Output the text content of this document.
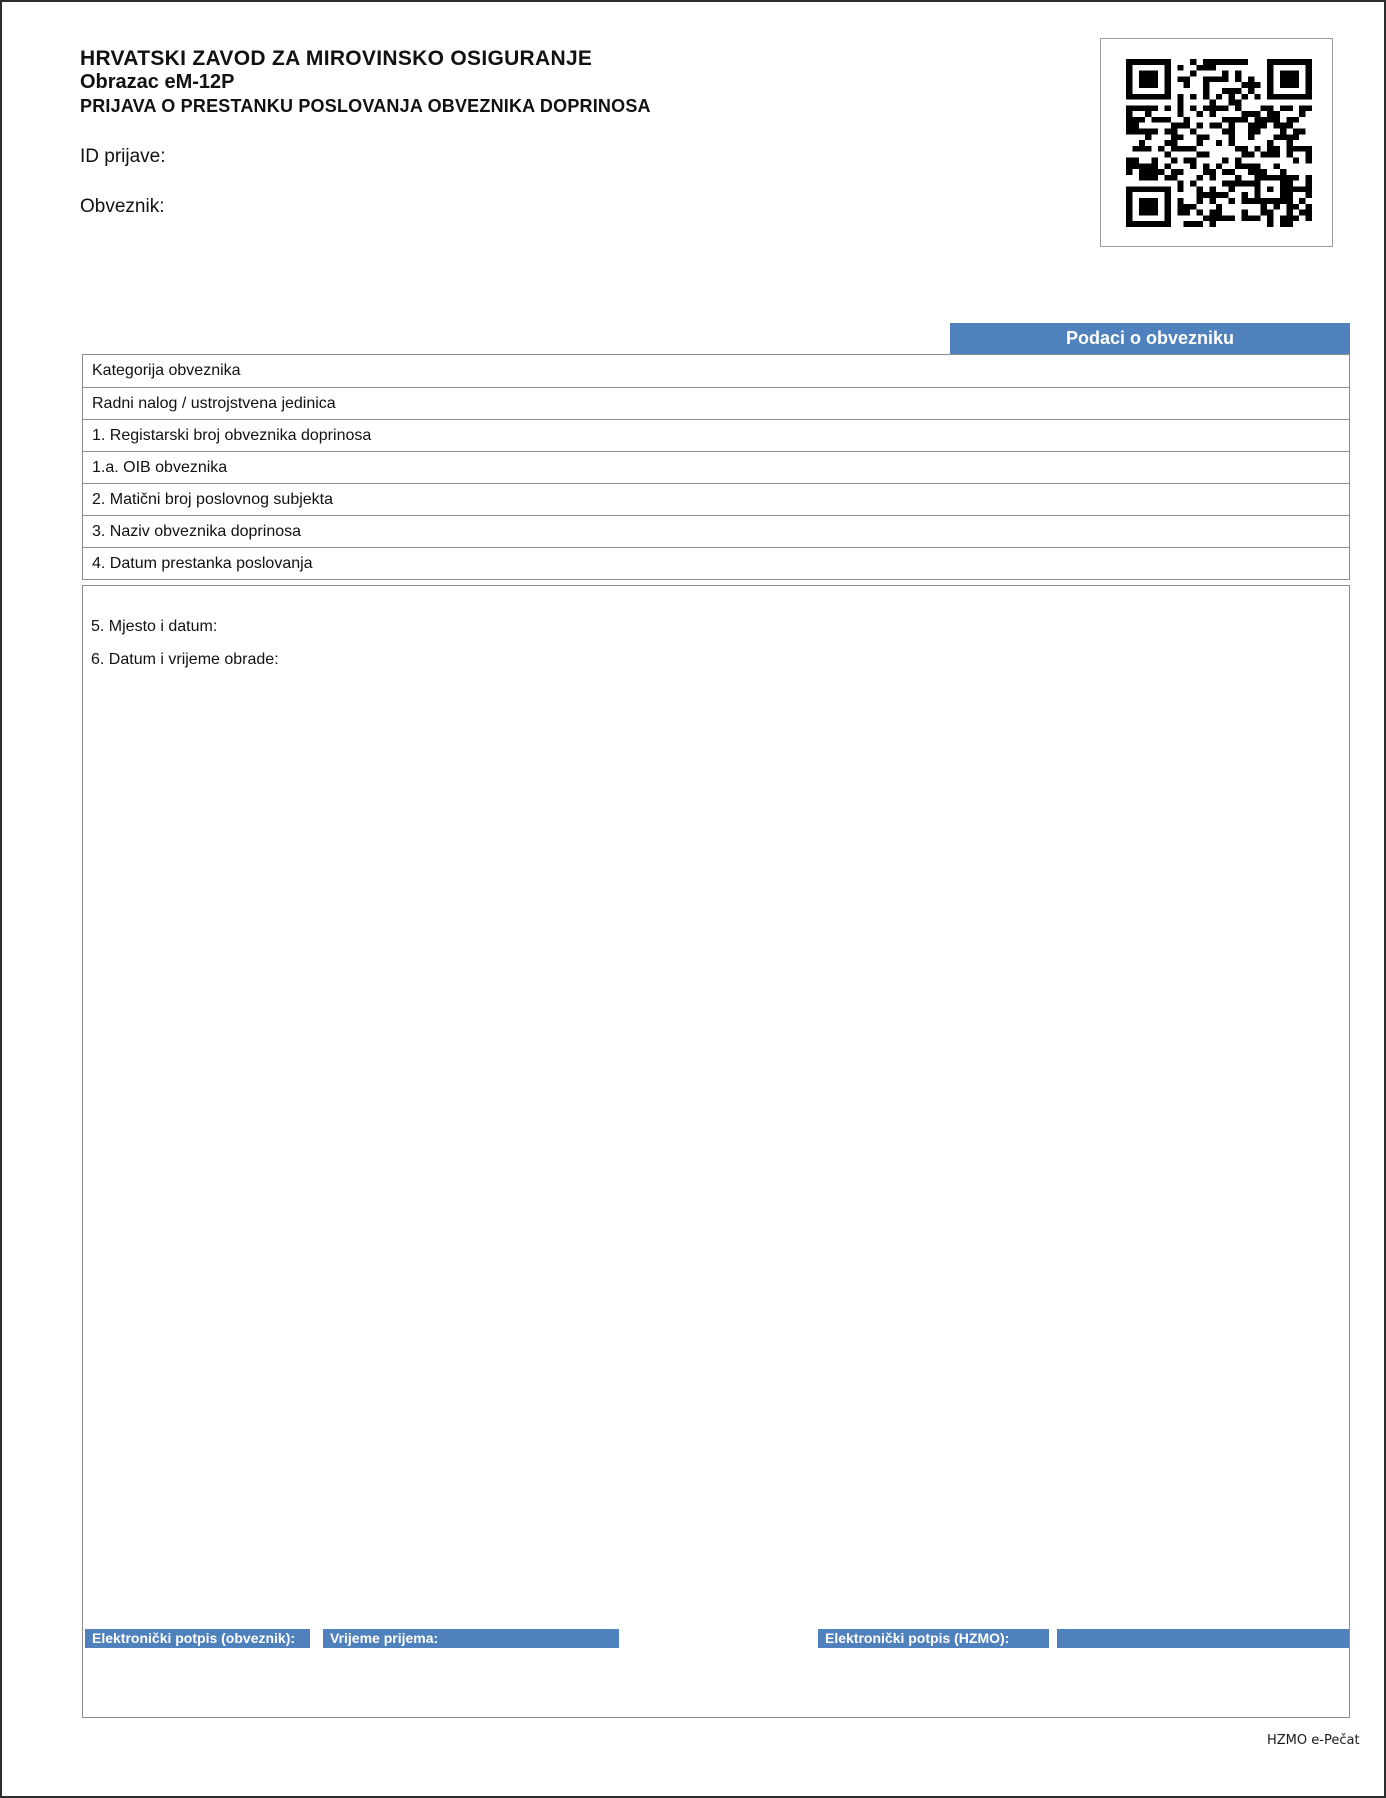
HRVATSKI ZAVOD ZA MIROVINSKO OSIGURANJE
Obrazac eM-12P
PRIJAVA O PRESTANKU POSLOVANJA OBVEZNIKA DOPRINOSA
ID prijave:
Obveznik:
Podaci o obvezniku
Kategorija obveznika
Radni nalog / ustrojstvena jedinica
1. Registarski broj obveznika doprinosa
1.a. OIB obveznika
2. Matični broj poslovnog subjekta
3. Naziv obveznika doprinosa
4. Datum prestanka poslovanja
5. Mjesto i datum:
6. Datum i vrijeme obrade:
Elektronički potpis (obveznik):	Vrijeme prijema:	Elektronički potpis (HZMO):
HZMO e-Pečat
